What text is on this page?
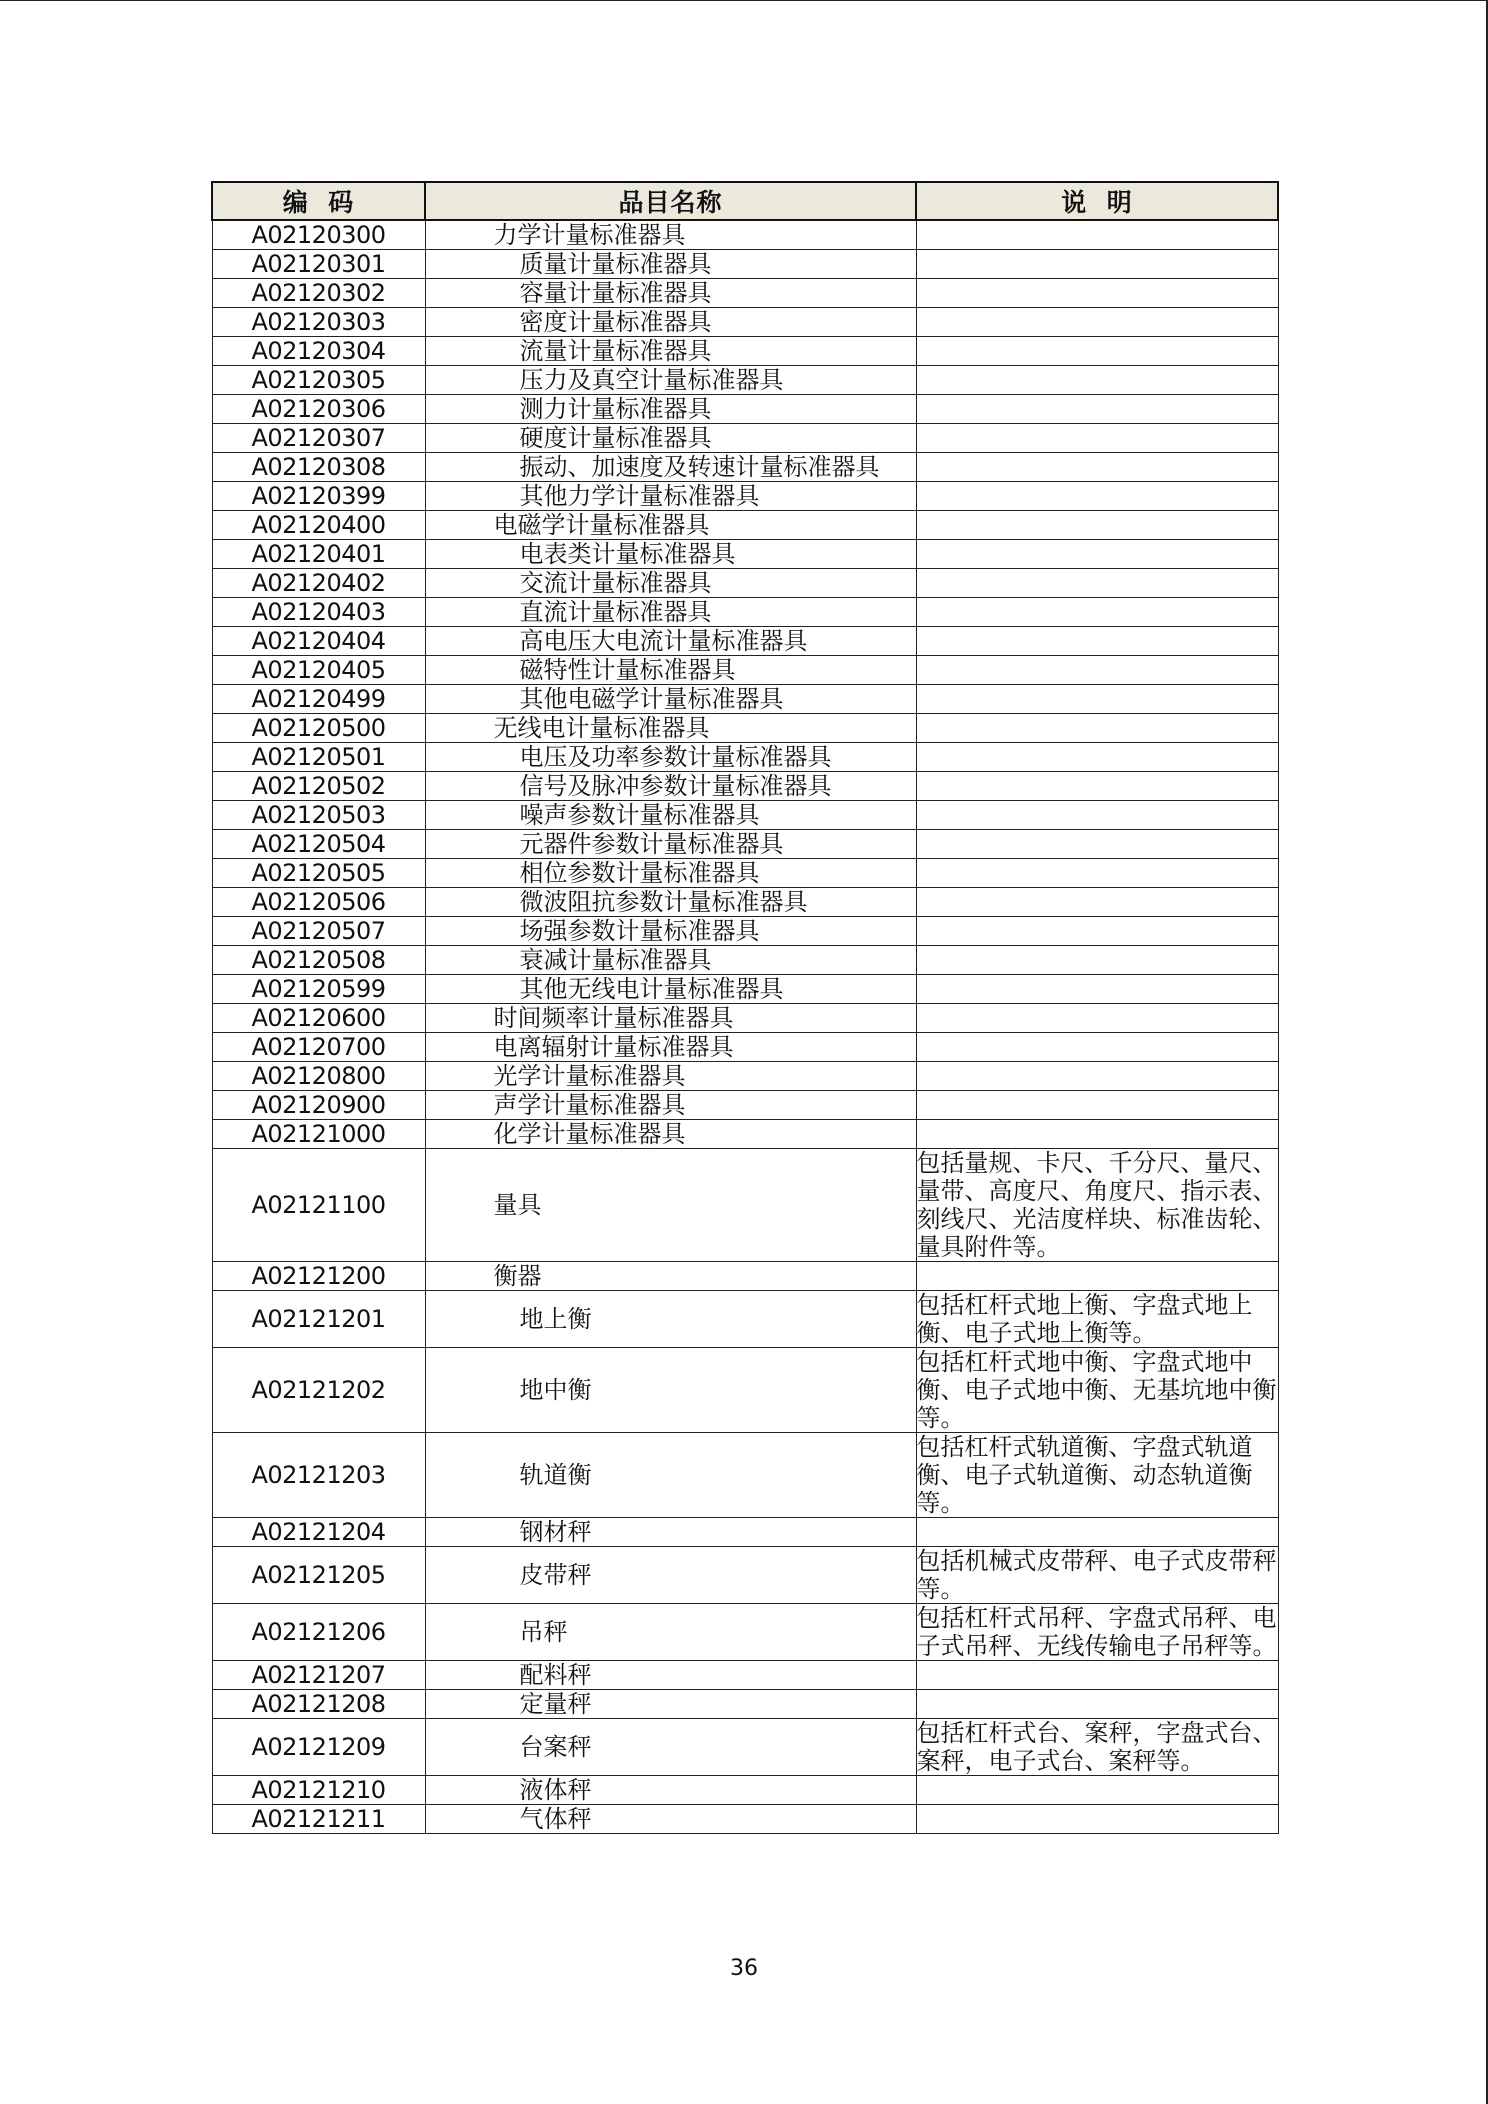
编  码	品目名称	说  明
A02120300	力学计量标准器具	
A02120301	质量计量标准器具	
A02120302	容量计量标准器具	
A02120303	密度计量标准器具	
A02120304	流量计量标准器具	
A02120305	压力及真空计量标准器具	
A02120306	测力计量标准器具	
A02120307	硬度计量标准器具	
A02120308	振动、加速度及转速计量标准器具	
A02120399	其他力学计量标准器具	
A02120400	电磁学计量标准器具	
A02120401	电表类计量标准器具	
A02120402	交流计量标准器具	
A02120403	直流计量标准器具	
A02120404	高电压大电流计量标准器具	
A02120405	磁特性计量标准器具	
A02120499	其他电磁学计量标准器具	
A02120500	无线电计量标准器具	
A02120501	电压及功率参数计量标准器具	
A02120502	信号及脉冲参数计量标准器具	
A02120503	噪声参数计量标准器具	
A02120504	元器件参数计量标准器具	
A02120505	相位参数计量标准器具	
A02120506	微波阻抗参数计量标准器具	
A02120507	场强参数计量标准器具	
A02120508	衰减计量标准器具	
A02120599	其他无线电计量标准器具	
A02120600	时间频率计量标准器具	
A02120700	电离辐射计量标准器具	
A02120800	光学计量标准器具	
A02120900	声学计量标准器具	
A02121000	化学计量标准器具	
A02121100	量具	包括量规、卡尺、千分尺、量尺、量带、高度尺、角度尺、指示表、刻线尺、光洁度样块、标准齿轮、量具附件等。
A02121200	衡器	
A02121201	地上衡	包括杠杆式地上衡、字盘式地上衡、电子式地上衡等。
A02121202	地中衡	包括杠杆式地中衡、字盘式地中衡、电子式地中衡、无基坑地中衡等。
A02121203	轨道衡	包括杠杆式轨道衡、字盘式轨道衡、电子式轨道衡、动态轨道衡等。
A02121204	钢材秤	
A02121205	皮带秤	包括机械式皮带秤、电子式皮带秤等。
A02121206	吊秤	包括杠杆式吊秤、字盘式吊秤、电子式吊秤、无线传输电子吊秤等。
A02121207	配料秤	
A02121208	定量秤	
A02121209	台案秤	包括杠杆式台、案秤，字盘式台、案秤，电子式台、案秤等。
A02121210	液体秤	
A02121211	气体秤	
36
